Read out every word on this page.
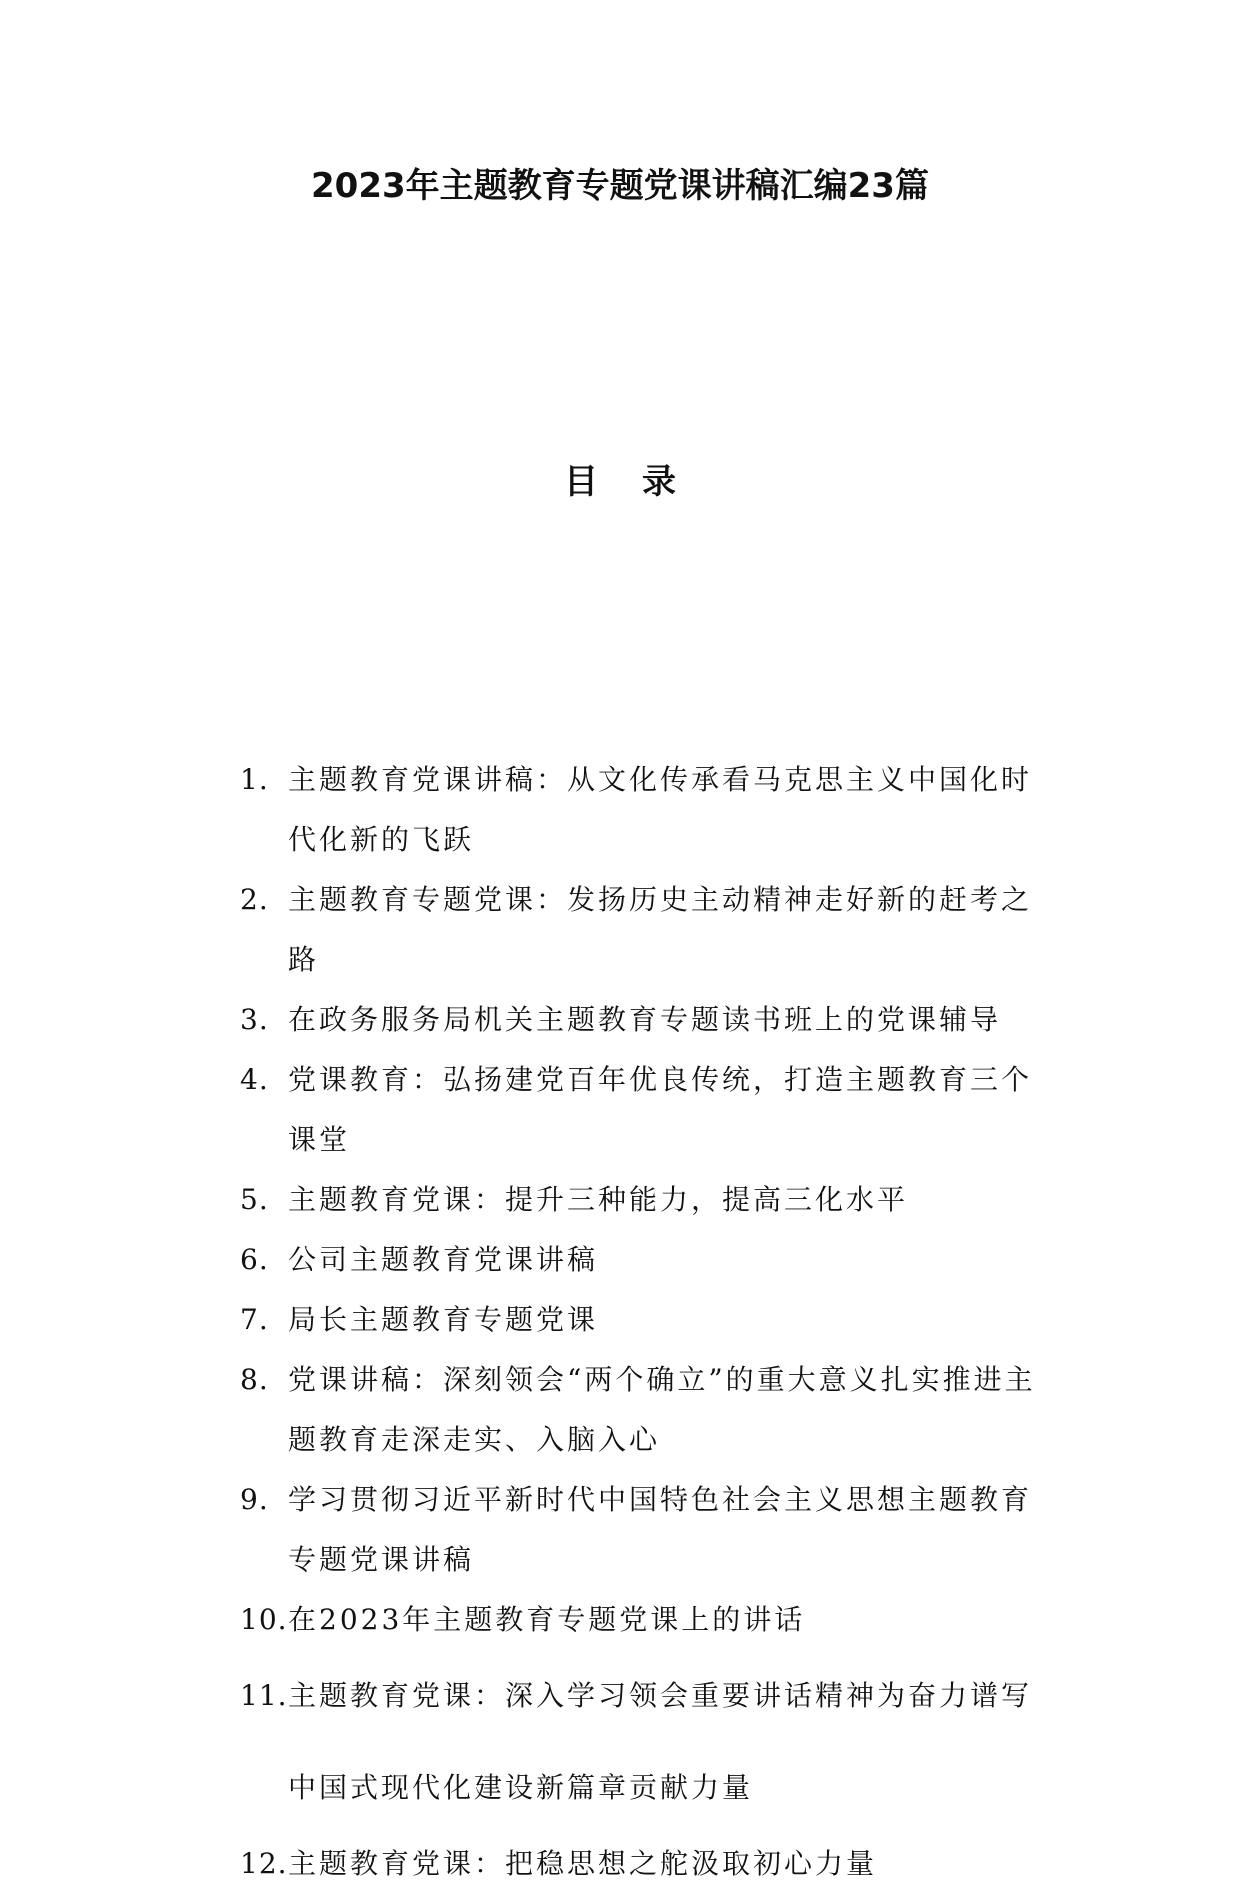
2023年主题教育专题党课讲稿汇编23篇
目 录
1. 主题教育党课讲稿：从文化传承看马克思主义中国化时代化新的飞跃
2. 主题教育专题党课：发扬历史主动精神走好新的赶考之路
3. 在政务服务局机关主题教育专题读书班上的党课辅导
4. 党课教育：弘扬建党百年优良传统，打造主题教育三个课堂
5. 主题教育党课：提升三种能力，提高三化水平
6. 公司主题教育党课讲稿
7. 局长主题教育专题党课
8. 党课讲稿：深刻领会“两个确立”的重大意义扎实推进主题教育走深走实、入脑入心
9. 学习贯彻习近平新时代中国特色社会主义思想主题教育专题党课讲稿
10. 在2023年主题教育专题党课上的讲话
11. 主题教育党课：深入学习领会重要讲话精神为奋力谱写中国式现代化建设新篇章贡献力量
12. 主题教育党课：把稳思想之舵汲取初心力量
